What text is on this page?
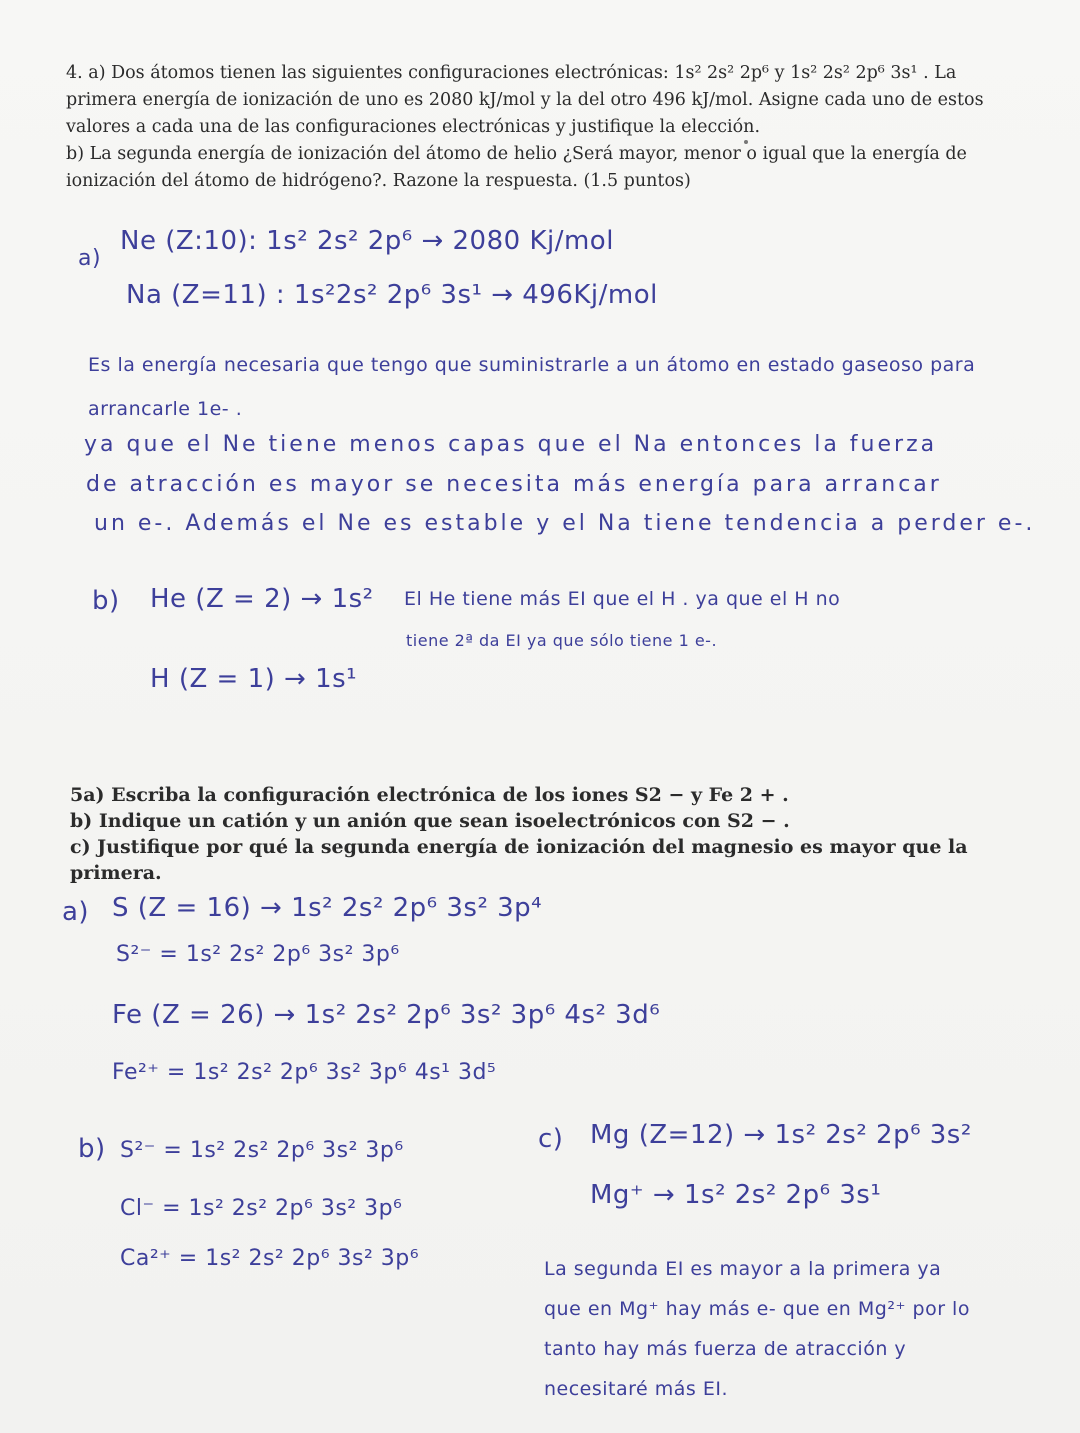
4. a) Dos átomos tienen las siguientes configuraciones electrónicas: 1s² 2s² 2p⁶ y 1s² 2s² 2p⁶ 3s¹ . La

primera energía de ionización de uno es 2080 kJ/mol y la del otro 496 kJ/mol. Asigne cada uno de estos

valores a cada una de las configuraciones electrónicas y justifique la elección.

b) La segunda energía de ionización del átomo de helio ¿Será mayor, menor o igual que la energía de

ionización del átomo de hidrógeno?. Razone la respuesta. (1.5 puntos)

a)
Ne (Z:10): 1s² 2s² 2p⁶ → 2080 Kj/mol
Na (Z=11) : 1s²2s² 2p⁶ 3s¹ → 496Kj/mol
Es la energía necesaria que tengo que suministrarle a un átomo en estado gaseoso para
arrancarle 1e- .
ya que el Ne tiene menos capas que el Na entonces la fuerza
de atracción es mayor se necesita más energía para arrancar
un e-. Además el Ne es estable y el Na tiene tendencia a perder e-.
b) He (Z = 2) → 1s²
H (Z = 1) → 1s¹
El He tiene más EI que el H . ya que el H no
tiene 2ª da EI ya que sólo tiene 1 e-.

5a) Escriba la configuración electrónica de los iones S2 − y Fe 2 + .

b) Indique un catión y un anión que sean isoelectrónicos con S2 − .

c) Justifique por qué la segunda energía de ionización del magnesio es mayor que la primera.

a) S (Z = 16) → 1s² 2s² 2p⁶ 3s² 3p⁴
S²⁻ = 1s² 2s² 2p⁶ 3s² 3p⁶
Fe (Z = 26) → 1s² 2s² 2p⁶ 3s² 3p⁶ 4s² 3d⁶
Fe²⁺ = 1s² 2s² 2p⁶ 3s² 3p⁶ 4s¹ 3d⁵
b) S²⁻ = 1s² 2s² 2p⁶ 3s² 3p⁶
Cl⁻ = 1s² 2s² 2p⁶ 3s² 3p⁶
Ca²⁺ = 1s² 2s² 2p⁶ 3s² 3p⁶
c) Mg (Z=12) → 1s² 2s² 2p⁶ 3s²
Mg⁺ → 1s² 2s² 2p⁶ 3s¹
La segunda EI es mayor a la primera ya
que en Mg⁺ hay más e- que en Mg²⁺ por lo
tanto hay más fuerza de atracción y
necesitaré más EI.
